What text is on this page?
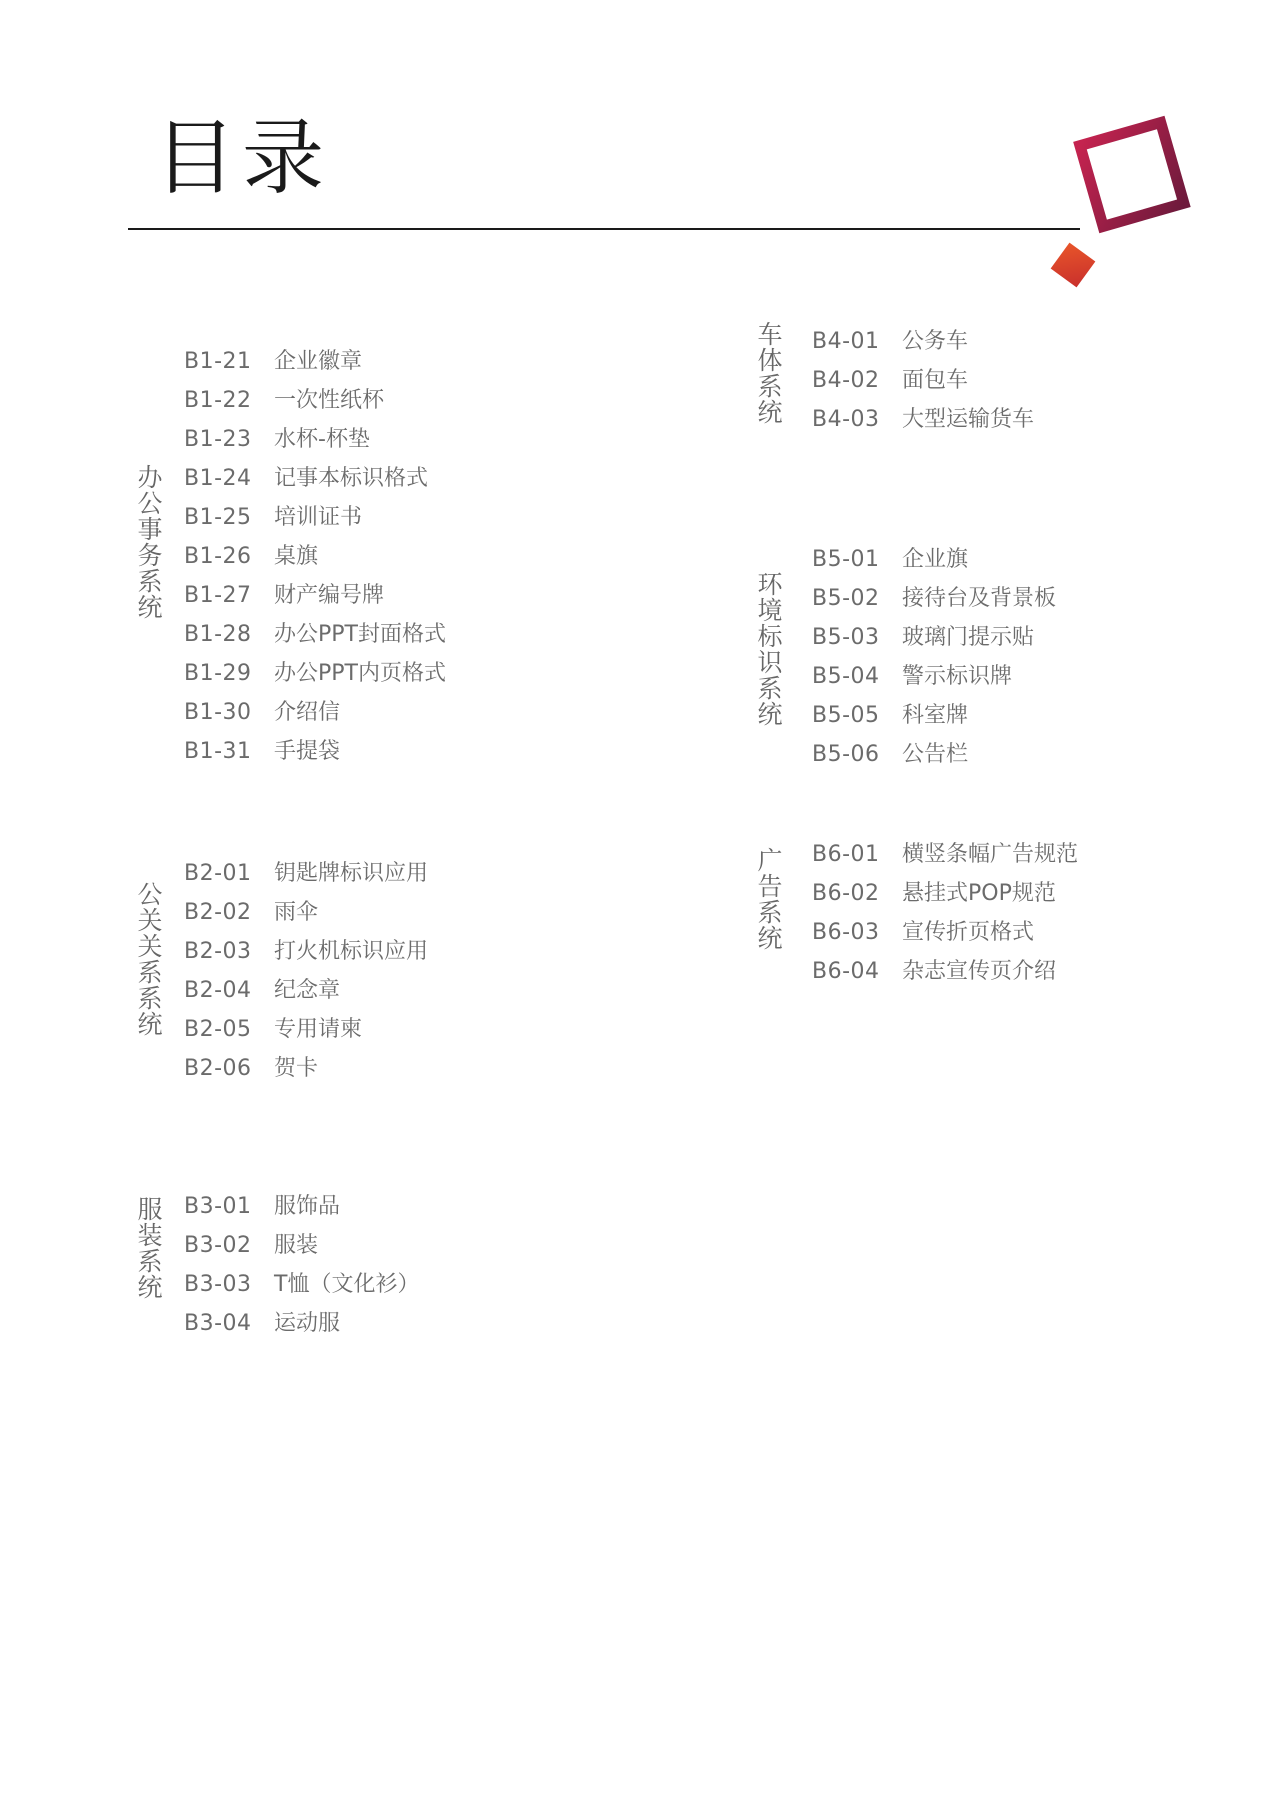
目录
办
公
事
务
系
统
B1-21 企业徽章
B1-22 一次性纸杯
B1-23 水杯-杯垫
B1-24 记事本标识格式
B1-25 培训证书
B1-26 桌旗
B1-27 财产编号牌
B1-28 办公PPT封面格式
B1-29 办公PPT内页格式
B1-30 介绍信
B1-31 手提袋
公
关
关
系
系
统
B2-01 钥匙牌标识应用
B2-02 雨伞
B2-03 打火机标识应用
B2-04 纪念章
B2-05 专用请柬
B2-06 贺卡
服
装
系
统
B3-01 服饰品
B3-02 服装
B3-03 T恤（文化衫）
B3-04 运动服
车
体
系
统
B4-01 公务车
B4-02 面包车
B4-03 大型运输货车
环
境
标
识
系
统
B5-01 企业旗
B5-02 接待台及背景板
B5-03 玻璃门提示贴
B5-04 警示标识牌
B5-05 科室牌
B5-06 公告栏
广
告
系
统
B6-01 横竖条幅广告规范
B6-02 悬挂式POP规范
B6-03 宣传折页格式
B6-04 杂志宣传页介绍
